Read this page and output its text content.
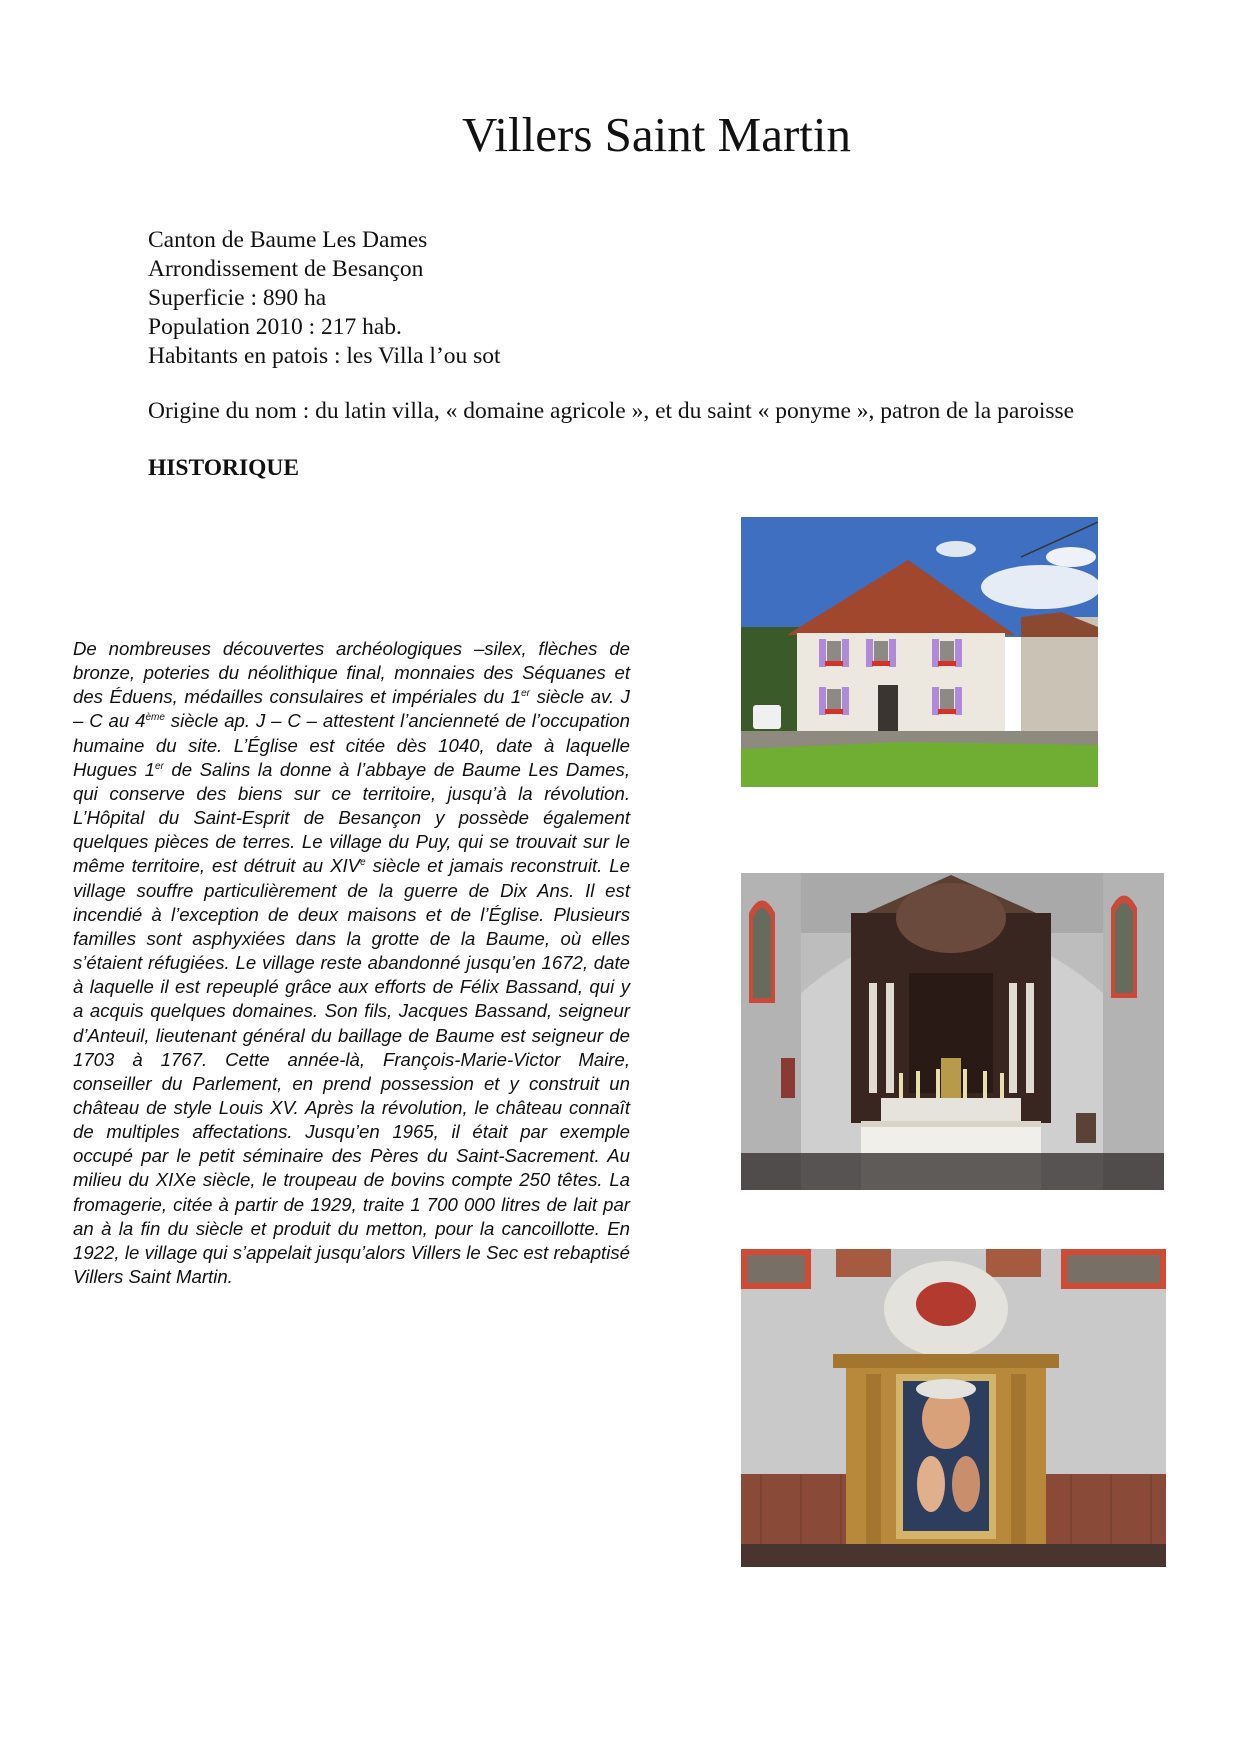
Villers Saint Martin
Canton de Baume Les Dames
Arrondissement de Besançon
Superficie : 890 ha
Population 2010 : 217 hab.
Habitants en patois : les Villa l’ou sot

Origine du nom : du latin villa, « domaine agricole », et du saint « ponyme », patron de la paroisse

HISTORIQUE

De nombreuses découvertes archéologiques –silex, flèches de bronze, poteries du néolithique final, monnaies des Séquanes et des Éduens, médailles consulaires et impériales du 1er siècle av. J – C au 4ème siècle ap. J – C – attestent l’ancienneté de l’occupation humaine du site. L’Église est citée dès 1040, date à laquelle Hugues 1er de Salins la donne à l’abbaye de Baume Les Dames, qui conserve des biens sur ce territoire, jusqu’à la révolution. L’Hôpital du Saint-Esprit de Besançon y possède également quelques pièces de terres. Le village du Puy, qui se trouvait sur le même territoire, est détruit au XIVe siècle et jamais reconstruit. Le village souffre particulièrement de la guerre de Dix Ans. Il est incendié à l’exception de deux maisons et de l’Église. Plusieurs familles sont asphyxiées dans la grotte de la Baume, où elles s’étaient réfugiées. Le village reste abandonné jusqu’en 1672, date à laquelle il est repeuplé grâce aux efforts de Félix Bassand, qui y a acquis quelques domaines. Son fils, Jacques Bassand, seigneur d’Anteuil, lieutenant général du baillage de Baume est seigneur de 1703 à 1767. Cette année-là, François-Marie-Victor Maire, conseiller du Parlement, en prend possession et y construit un château de style Louis XV. Après la révolution, le château connaît de multiples affectations. Jusqu’en 1965, il était par exemple occupé par le petit séminaire des Pères du Saint-Sacrement. Au milieu du XIXe siècle, le troupeau de bovins compte 250 têtes. La fromagerie, citée à partir de 1929, traite 1 700 000 litres de lait par an à la fin du siècle et produit du metton, pour la cancoillotte. En 1922, le village qui s’appelait jusqu’alors Villers le Sec est rebaptisé Villers Saint Martin.
